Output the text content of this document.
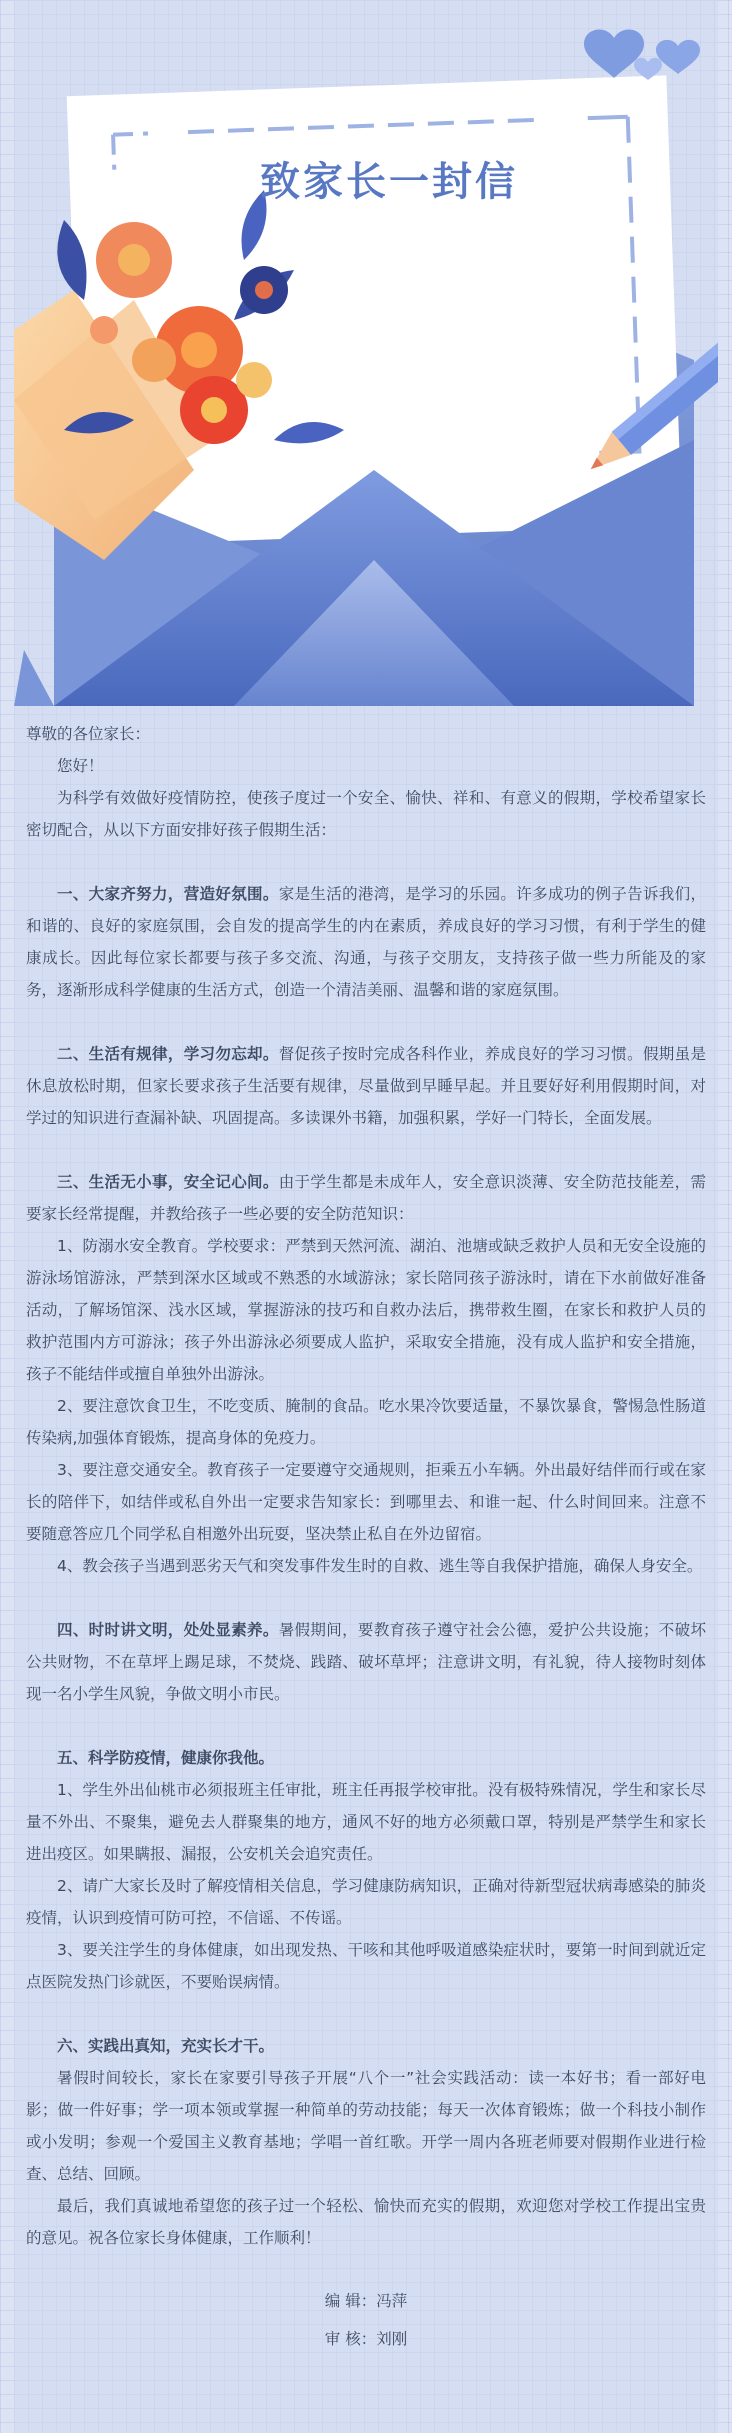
致家长一封信

尊敬的各位家长：

您好！

为科学有效做好疫情防控，使孩子度过一个安全、愉快、祥和、有意义的假期，学校希望家长密切配合，从以下方面安排好孩子假期生活：

一、大家齐努力，营造好氛围。家是生活的港湾，是学习的乐园。许多成功的例子告诉我们，和谐的、良好的家庭氛围，会自发的提高学生的内在素质，养成良好的学习习惯，有利于学生的健康成长。因此每位家长都要与孩子多交流、沟通，与孩子交朋友，支持孩子做一些力所能及的家务，逐渐形成科学健康的生活方式，创造一个清洁美丽、温馨和谐的家庭氛围。

二、生活有规律，学习勿忘却。督促孩子按时完成各科作业，养成良好的学习习惯。假期虽是休息放松时期，但家长要求孩子生活要有规律，尽量做到早睡早起。并且要好好利用假期时间，对学过的知识进行查漏补缺、巩固提高。多读课外书籍，加强积累，学好一门特长，全面发展。

三、生活无小事，安全记心间。由于学生都是未成年人，安全意识淡薄、安全防范技能差，需要家长经常提醒，并教给孩子一些必要的安全防范知识：

1、防溺水安全教育。学校要求：严禁到天然河流、湖泊、池塘或缺乏救护人员和无安全设施的游泳场馆游泳，严禁到深水区域或不熟悉的水域游泳；家长陪同孩子游泳时，请在下水前做好准备活动，了解场馆深、浅水区域，掌握游泳的技巧和自救办法后，携带救生圈，在家长和救护人员的救护范围内方可游泳；孩子外出游泳必须要成人监护，采取安全措施，没有成人监护和安全措施，孩子不能结伴或擅自单独外出游泳。

2、要注意饮食卫生，不吃变质、腌制的食品。吃水果冷饮要适量，不暴饮暴食，警惕急性肠道传染病,加强体育锻炼，提高身体的免疫力。

3、要注意交通安全。教育孩子一定要遵守交通规则，拒乘五小车辆。外出最好结伴而行或在家长的陪伴下，如结伴或私自外出一定要求告知家长：到哪里去、和谁一起、什么时间回来。注意不要随意答应几个同学私自相邀外出玩耍，坚决禁止私自在外边留宿。

4、教会孩子当遇到恶劣天气和突发事件发生时的自救、逃生等自我保护措施，确保人身安全。

四、时时讲文明，处处显素养。暑假期间，要教育孩子遵守社会公德，爱护公共设施；不破坏公共财物，不在草坪上踢足球，不焚烧、践踏、破坏草坪；注意讲文明，有礼貌，待人接物时刻体现一名小学生风貌，争做文明小市民。

五、科学防疫情，健康你我他。

1、学生外出仙桃市必须报班主任审批，班主任再报学校审批。没有极特殊情况，学生和家长尽量不外出、不聚集，避免去人群聚集的地方，通风不好的地方必须戴口罩，特别是严禁学生和家长进出疫区。如果瞒报、漏报，公安机关会追究责任。

2、请广大家长及时了解疫情相关信息，学习健康防病知识，正确对待新型冠状病毒感染的肺炎疫情，认识到疫情可防可控，不信谣、不传谣。

3、要关注学生的身体健康，如出现发热、干咳和其他呼吸道感染症状时，要第一时间到就近定点医院发热门诊就医，不要贻误病情。

六、实践出真知，充实长才干。

暑假时间较长，家长在家要引导孩子开展“八个一”社会实践活动：读一本好书；看一部好电影；做一件好事；学一项本领或掌握一种简单的劳动技能；每天一次体育锻炼；做一个科技小制作或小发明；参观一个爱国主义教育基地；学唱一首红歌。开学一周内各班老师要对假期作业进行检查、总结、回顾。

最后，我们真诚地希望您的孩子过一个轻松、愉快而充实的假期，欢迎您对学校工作提出宝贵的意见。祝各位家长身体健康，工作顺利！

编 辑：冯萍
审 核：刘刚
